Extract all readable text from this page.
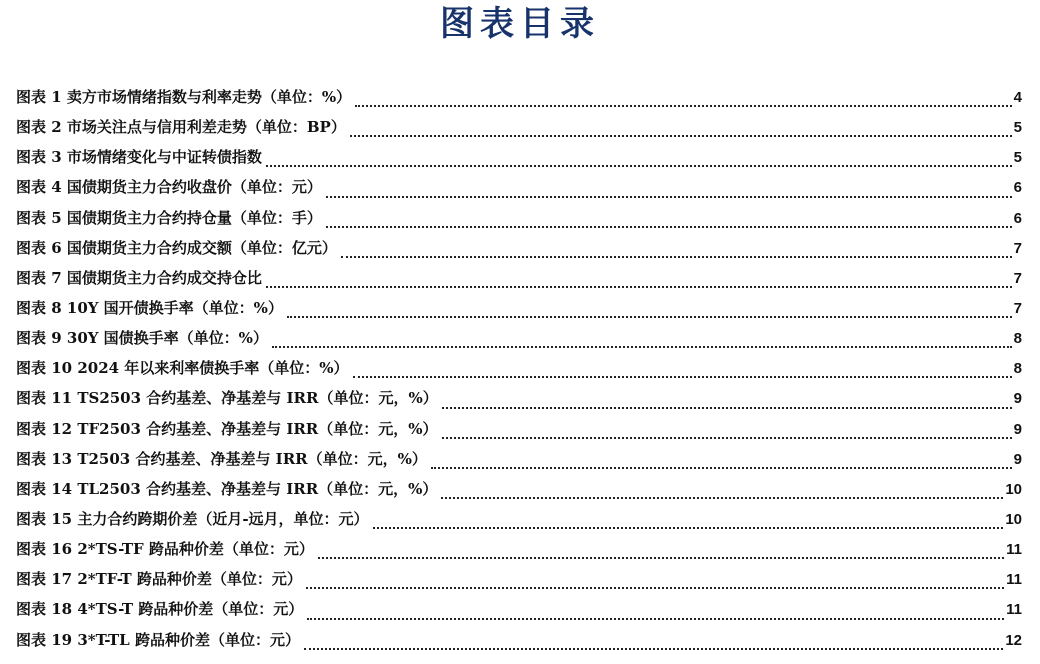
图表目录
图表 1 卖方市场情绪指数与利率走势（单位：%）	4
图表 2 市场关注点与信用利差走势（单位：BP）	5
图表 3 市场情绪变化与中证转债指数	5
图表 4 国债期货主力合约收盘价（单位：元）	6
图表 5 国债期货主力合约持仓量（单位：手）	6
图表 6 国债期货主力合约成交额（单位：亿元）	7
图表 7 国债期货主力合约成交持仓比	7
图表 8 10Y 国开债换手率（单位：%）	7
图表 9 30Y 国债换手率（单位：%）	8
图表 10 2024 年以来利率债换手率（单位：%）	8
图表 11 TS2503 合约基差、净基差与 IRR（单位：元，%）	9
图表 12 TF2503 合约基差、净基差与 IRR（单位：元，%）	9
图表 13 T2503 合约基差、净基差与 IRR（单位：元，%）	9
图表 14 TL2503 合约基差、净基差与 IRR（单位：元，%）	10
图表 15 主力合约跨期价差（近月-远月，单位：元）	10
图表 16 2*TS-TF 跨品种价差（单位：元）	11
图表 17 2*TF-T 跨品种价差（单位：元）	11
图表 18 4*TS-T 跨品种价差（单位：元）	11
图表 19 3*T-TL 跨品种价差（单位：元）	12
